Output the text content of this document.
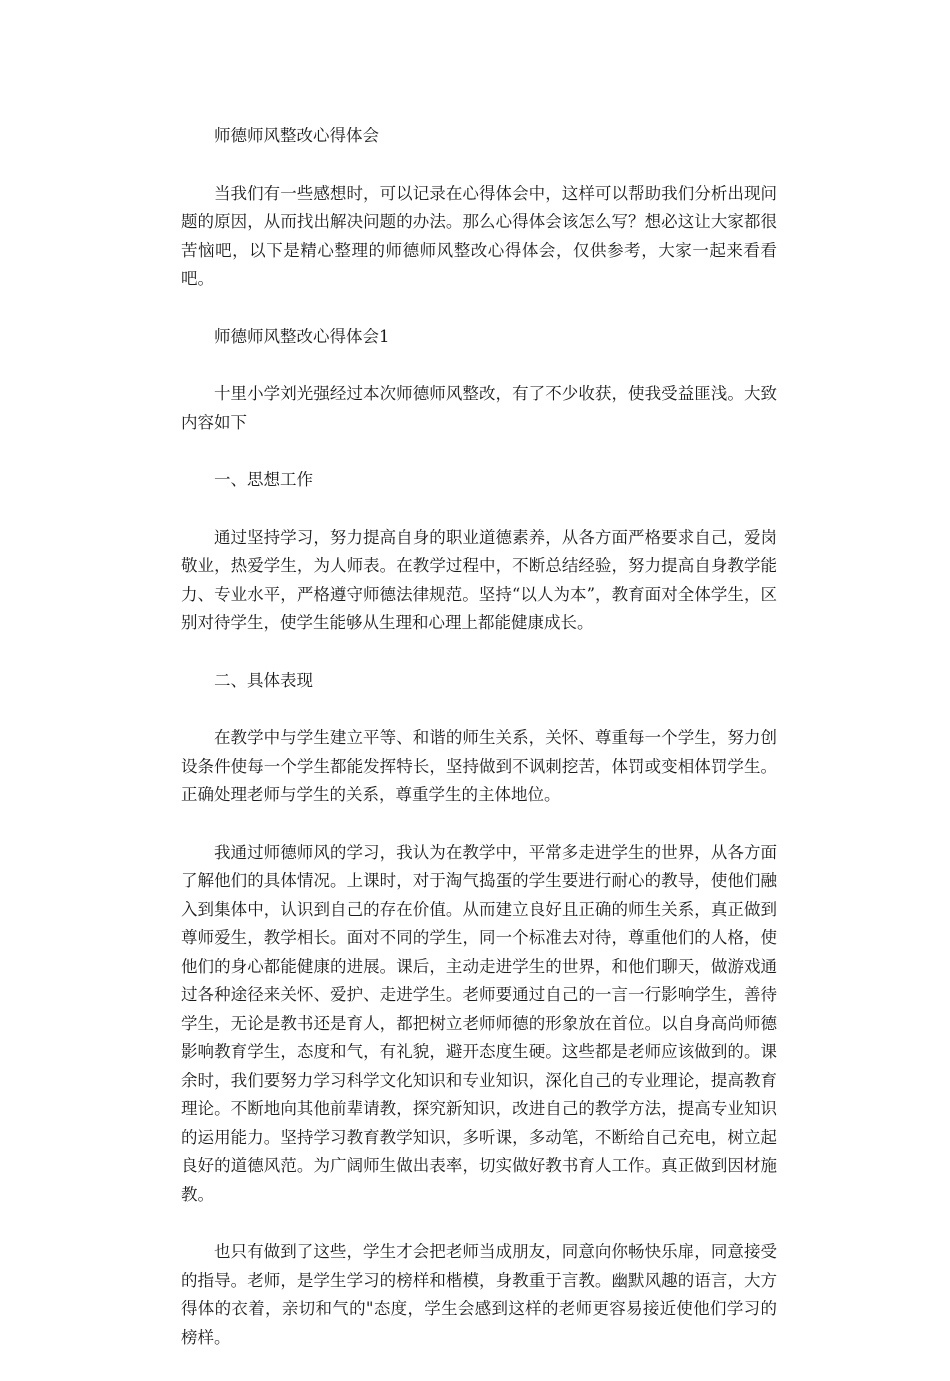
师德师风整改心得体会
当我们有一些感想时，可以记录在心得体会中，这样可以帮助我们分析出现问题的原因，从而找出解决问题的办法。那么心得体会该怎么写？想必这让大家都很苦恼吧，以下是精心整理的师德师风整改心得体会，仅供参考，大家一起来看看吧。
师德师风整改心得体会1
十里小学刘光强经过本次师德师风整改，有了不少收获，使我受益匪浅。大致内容如下
一、思想工作
通过坚持学习，努力提高自身的职业道德素养，从各方面严格要求自己，爱岗敬业，热爱学生，为人师表。在教学过程中，不断总结经验，努力提高自身教学能力、专业水平，严格遵守师德法律规范。坚持“以人为本”，教育面对全体学生，区别对待学生，使学生能够从生理和心理上都能健康成长。
二、具体表现
在教学中与学生建立平等、和谐的师生关系，关怀、尊重每一个学生，努力创设条件使每一个学生都能发挥特长，坚持做到不讽刺挖苦，体罚或变相体罚学生。正确处理老师与学生的关系，尊重学生的主体地位。
我通过师德师风的学习，我认为在教学中，平常多走进学生的世界，从各方面了解他们的具体情况。上课时，对于淘气捣蛋的学生要进行耐心的教导，使他们融入到集体中，认识到自己的存在价值。从而建立良好且正确的师生关系，真正做到尊师爱生，教学相长。面对不同的学生，同一个标准去对待，尊重他们的人格，使他们的身心都能健康的进展。课后，主动走进学生的世界，和他们聊天，做游戏通过各种途径来关怀、爱护、走进学生。老师要通过自己的一言一行影响学生，善待学生，无论是教书还是育人，都把树立老师师德的形象放在首位。以自身高尚师德影响教育学生，态度和气，有礼貌，避开态度生硬。这些都是老师应该做到的。课余时，我们要努力学习科学文化知识和专业知识，深化自己的专业理论，提高教育理论。不断地向其他前辈请教，探究新知识，改进自己的教学方法，提高专业知识的运用能力。坚持学习教育教学知识，多听课，多动笔，不断给自己充电，树立起良好的道德风范。为广阔师生做出表率，切实做好教书育人工作。真正做到因材施教。
也只有做到了这些，学生才会把老师当成朋友，同意向你畅快乐扉，同意接受的指导。老师，是学生学习的榜样和楷模，身教重于言教。幽默风趣的语言，大方得体的衣着，亲切和气的"态度，学生会感到这样的老师更容易接近使他们学习的榜样。
